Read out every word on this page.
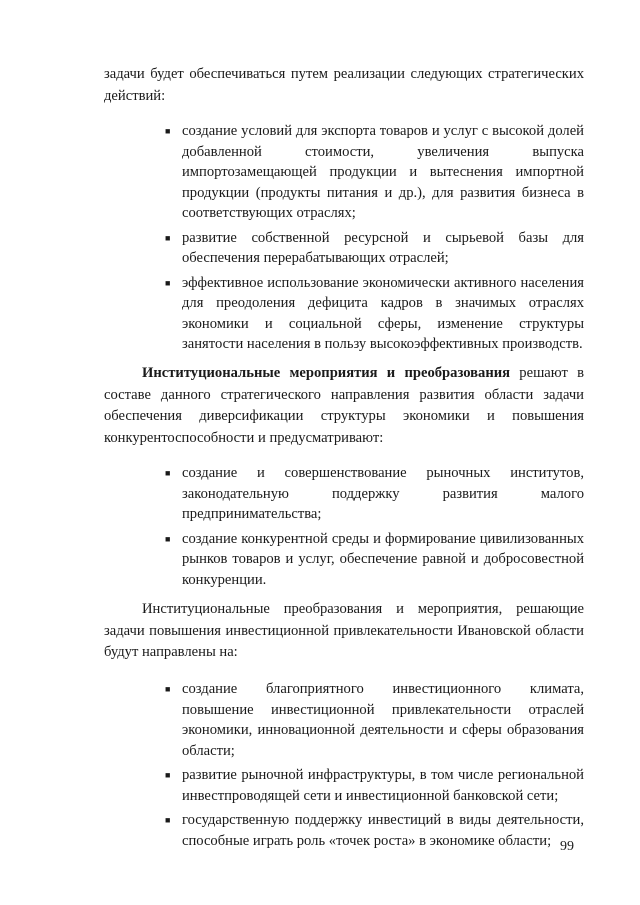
задачи будет обеспечиваться путем реализации следующих стратегических действий:

■ создание условий для экспорта товаров и услуг с высокой долей добавленной стоимости, увеличения выпуска импортозамещающей продукции и вытеснения импортной продукции (продукты питания и др.), для развития бизнеса в соответствующих отраслях;
■ развитие собственной ресурсной и сырьевой базы для обеспечения перерабатывающих отраслей;
■ эффективное использование экономически активного населения для преодоления дефицита кадров в значимых отраслях экономики и социальной сферы, изменение структуры занятости населения в пользу высокоэффективных производств.

Институциональные мероприятия и преобразования решают в составе данного стратегического направления развития области задачи обеспечения диверсификации структуры экономики и повышения конкурентоспособности и предусматривают:

■ создание и совершенствование рыночных институтов, законодательную поддержку развития малого предпринимательства;
■ создание конкурентной среды и формирование цивилизованных рынков товаров и услуг, обеспечение равной и добросовестной конкуренции.

Институциональные преобразования и мероприятия, решающие задачи повышения инвестиционной привлекательности Ивановской области будут направлены на:

■ создание благоприятного инвестиционного климата, повышение инвестиционной привлекательности отраслей экономики, инновационной деятельности и сферы образования области;
■ развитие рыночной инфраструктуры, в том числе региональной инвестпроводящей сети и инвестиционной банковской сети;
■ государственную поддержку инвестиций в виды деятельности, способные играть роль «точек роста» в экономике области; 99
